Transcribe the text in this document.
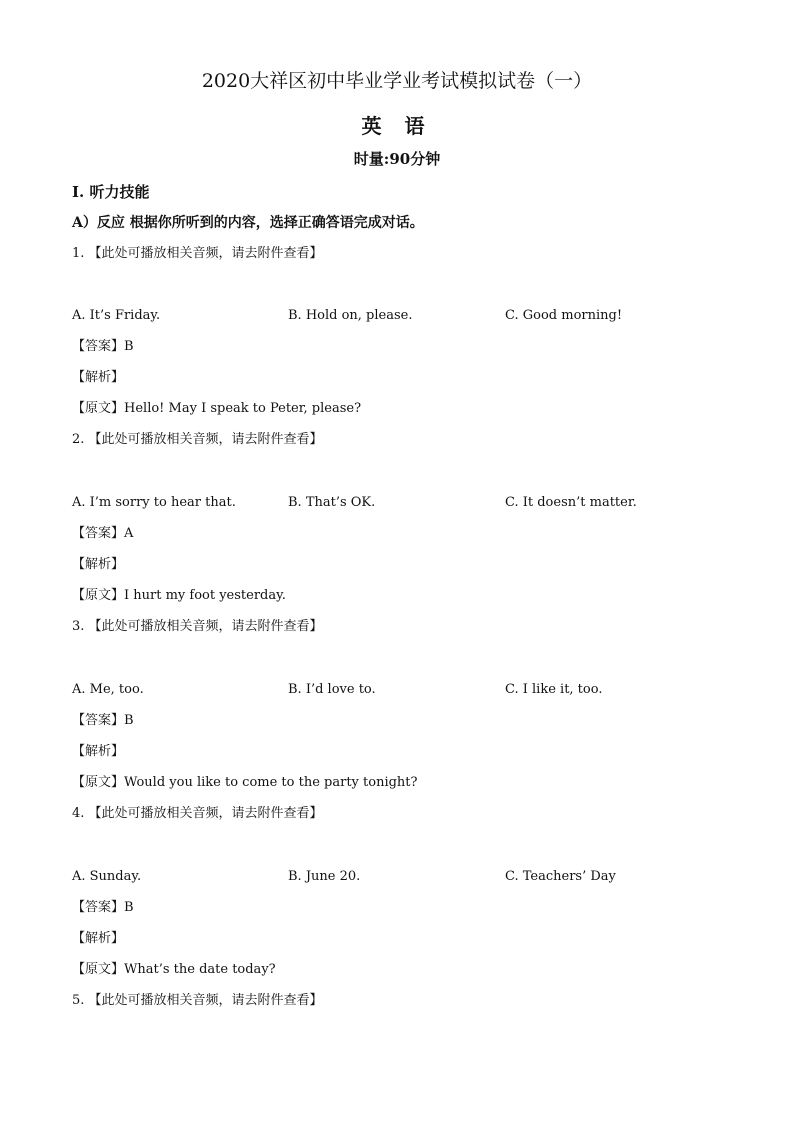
2020大祥区初中毕业学业考试模拟试卷（一）
英 语
时量:90分钟
I. 听力技能
A）反应 根据你所听到的内容，选择正确答语完成对话。
1. 【此处可播放相关音频，请去附件查看】
A. It’s Friday.	B. Hold on, please.	C. Good morning!
【答案】B
【解析】
【原文】Hello! May I speak to Peter, please?
2. 【此处可播放相关音频，请去附件查看】
A. I’m sorry to hear that.	B. That’s OK.	C. It doesn’t matter.
【答案】A
【解析】
【原文】I hurt my foot yesterday.
3. 【此处可播放相关音频，请去附件查看】
A. Me, too.	B. I’d love to.	C. I like it, too.
【答案】B
【解析】
【原文】Would you like to come to the party tonight?
4. 【此处可播放相关音频，请去附件查看】
A. Sunday.	B. June 20.	C. Teachers’ Day
【答案】B
【解析】
【原文】What’s the date today?
5. 【此处可播放相关音频，请去附件查看】
